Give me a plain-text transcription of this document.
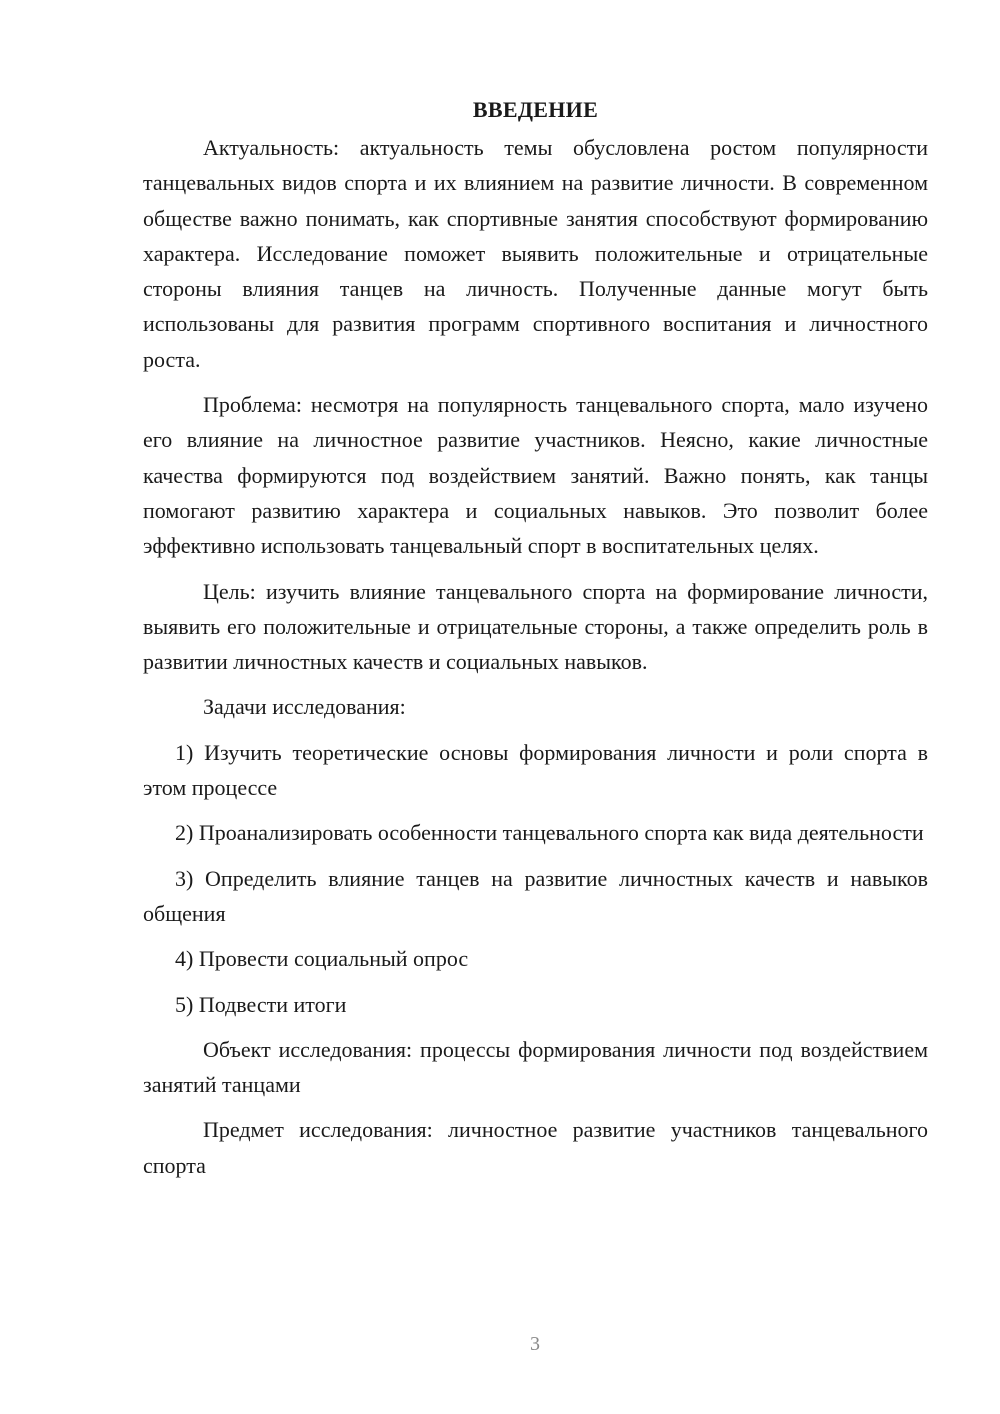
ВВЕДЕНИЕ

Актуальность: актуальность темы обусловлена ростом популярности танцевальных видов спорта и их влиянием на развитие личности. В современном обществе важно понимать, как спортивные занятия способствуют формированию характера. Исследование поможет выявить положительные и отрицательные стороны влияния танцев на личность. Полученные данные могут быть использованы для развития программ спортивного воспитания и личностного роста.

Проблема: несмотря на популярность танцевального спорта, мало изучено его влияние на личностное развитие участников. Неясно, какие личностные качества формируются под воздействием занятий. Важно понять, как танцы помогают развитию характера и социальных навыков. Это позволит более эффективно использовать танцевальный спорт в воспитательных целях.

Цель: изучить влияние танцевального спорта на формирование личности, выявить его положительные и отрицательные стороны, а также определить роль в развитии личностных качеств и социальных навыков.

Задачи исследования:

1) Изучить теоретические основы формирования личности и роли спорта в этом процессе

2) Проанализировать особенности танцевального спорта как вида деятельности

3) Определить влияние танцев на развитие личностных качеств и навыков общения

4) Провести социальный опрос

5) Подвести итоги

Объект исследования: процессы формирования личности под воздействием занятий танцами

Предмет исследования: личностное развитие участников танцевального спорта

3
